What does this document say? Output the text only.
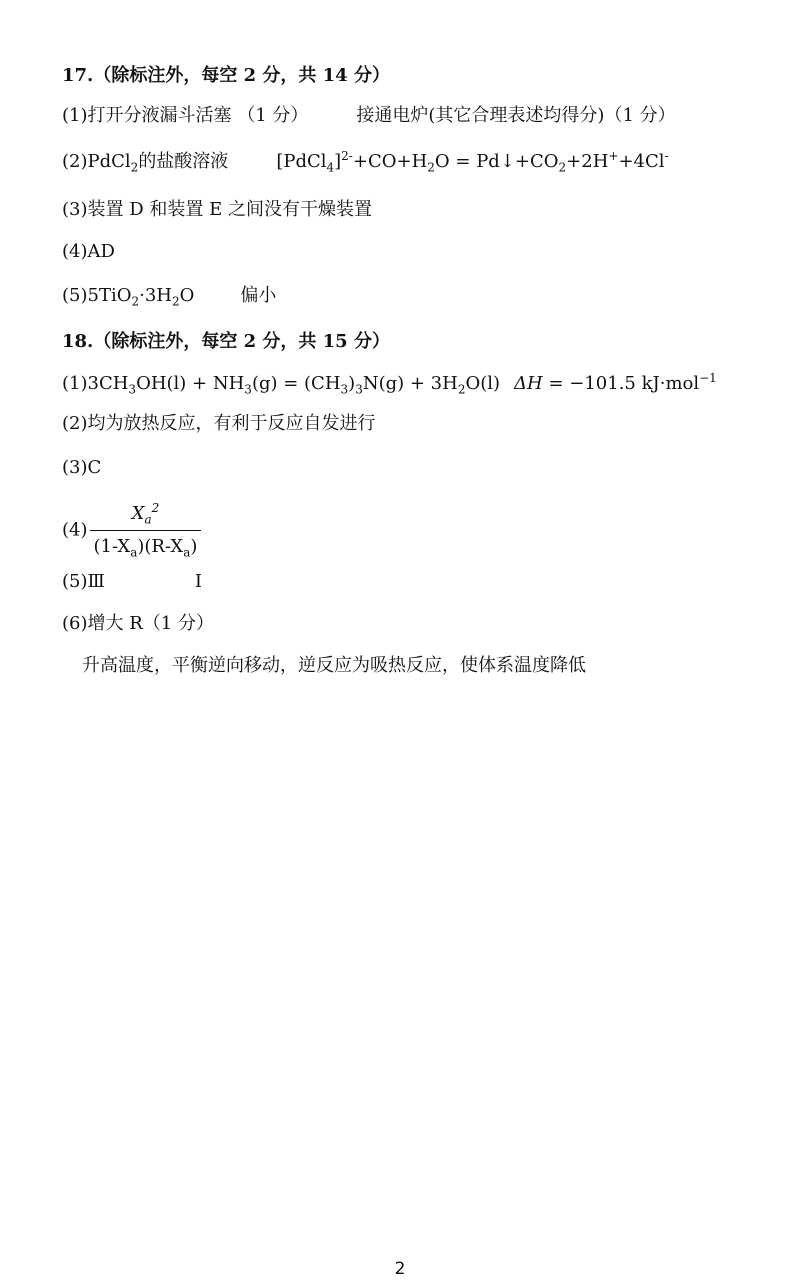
17.（除标注外，每空 2 分，共 14 分）
(1)打开分液漏斗活塞 （1 分）	接通电炉(其它合理表述均得分)（1 分）
(2)PdCl$_2$的盐酸溶液	$[PdCl_4]^{2-}+CO+H_2O$ = $Pd↓+CO_2+2H^++4Cl^-$
(3)装置 D 和装置 E 之间没有干燥装置
(4)AD
$(5)5TiO_2\cdot 3H_2O$	偏小
18.（除标注外，每空 2 分，共 15 分）
$(1)3CH_3OH(l) + NH_3(g) = (CH_3)_3N(g) + 3H_2O(l) \Delta H = -101.5$ kJ·mol$^{-1}$
(2)均为放热反应，有利于反应自发进行
(3)C
$(4) \frac{X_a^2}{(1-X_a)(R-X_a)}$
(5)Ⅲ	Ⅰ
(6)增大 R（1 分）
升高温度，平衡逆向移动，逆反应为吸热反应，使体系温度降低
2
